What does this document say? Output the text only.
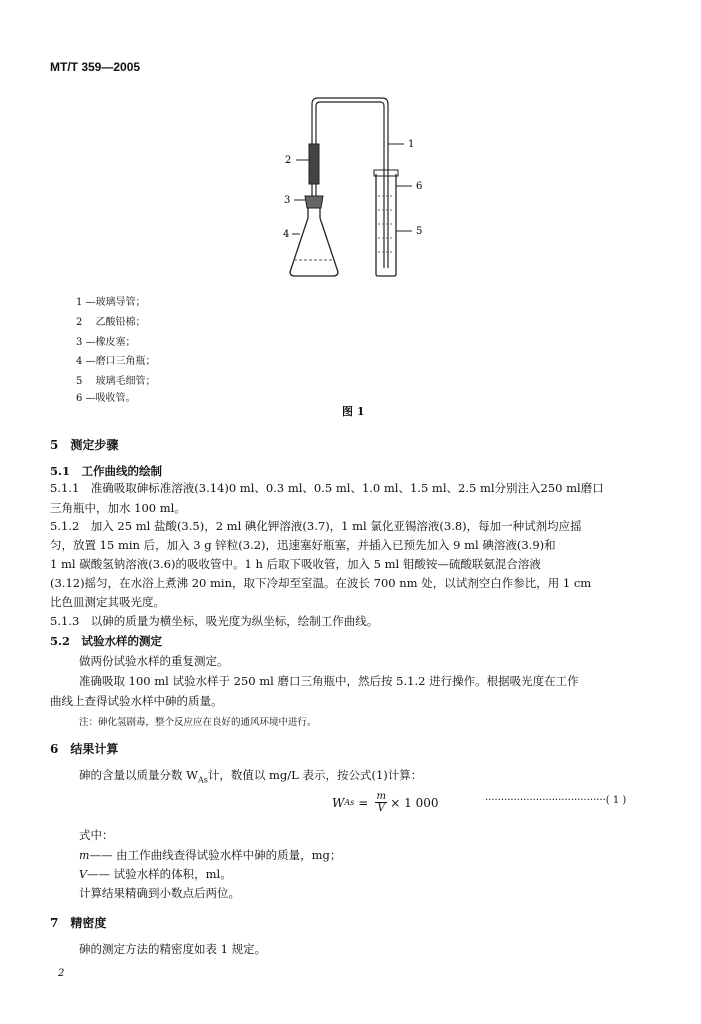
MT/T 359—2005
1
2
3
4	5
6
1 —玻璃导管；
2 　 乙酸铅棉；
3 —橡皮塞；
4 —磨口三角瓶；
5 　 玻璃毛细管；
6 —吸收管。
图 1
5　测定步骤
5.1　工作曲线的绘制
5.1.1　准确吸取砷标准溶液(3.14)0 ml、0.3 ml、0.5 ml、1.0 ml、1.5 ml、2.5 ml分别注入250 ml磨口
三角瓶中，加水 100 ml。
5.1.2　加入 25 ml 盐酸(3.5)，2 ml 碘化钾溶液(3.7)，1 ml 氯化亚锡溶液(3.8)，每加一种试剂均应摇
匀，放置 15 min 后，加入 3 g 锌粒(3.2)，迅速塞好瓶塞，并插入已预先加入 9 ml 碘溶液(3.9)和
1 ml 碳酸氢钠溶液(3.6)的吸收管中。1 h 后取下吸收管，加入 5 ml 钼酸铵—硫酸联氨混合溶液
(3.12)摇匀，在水浴上煮沸 20 min，取下冷却至室温。在波长 700 nm 处，以试剂空白作参比，用 1 cm
比色皿测定其吸光度。
5.1.3　以砷的质量为横坐标，吸光度为纵坐标，绘制工作曲线。
5.2　试验水样的测定
做两份试验水样的重复测定。
准确吸取 100 ml 试验水样于 250 ml 磨口三角瓶中，然后按 5.1.2 进行操作。根据吸光度在工作
曲线上查得试验水样中砷的质量。
注：砷化氢剧毒，整个反应应在良好的通风环境中进行。
6　结果计算
砷的含量以质量分数 $W_{As}$计，数值以 mg/L 表示，按公式(1)计算：
W $As = \frac{m}{V} \times 1$ 000	······································( 1 )
式中：
m—— 由工作曲线查得试验水样中砷的质量，mg；
V—— 试验水样的体积，ml。
计算结果精确到小数点后两位。
7　精密度
砷的测定方法的精密度如表 1 规定。
2
